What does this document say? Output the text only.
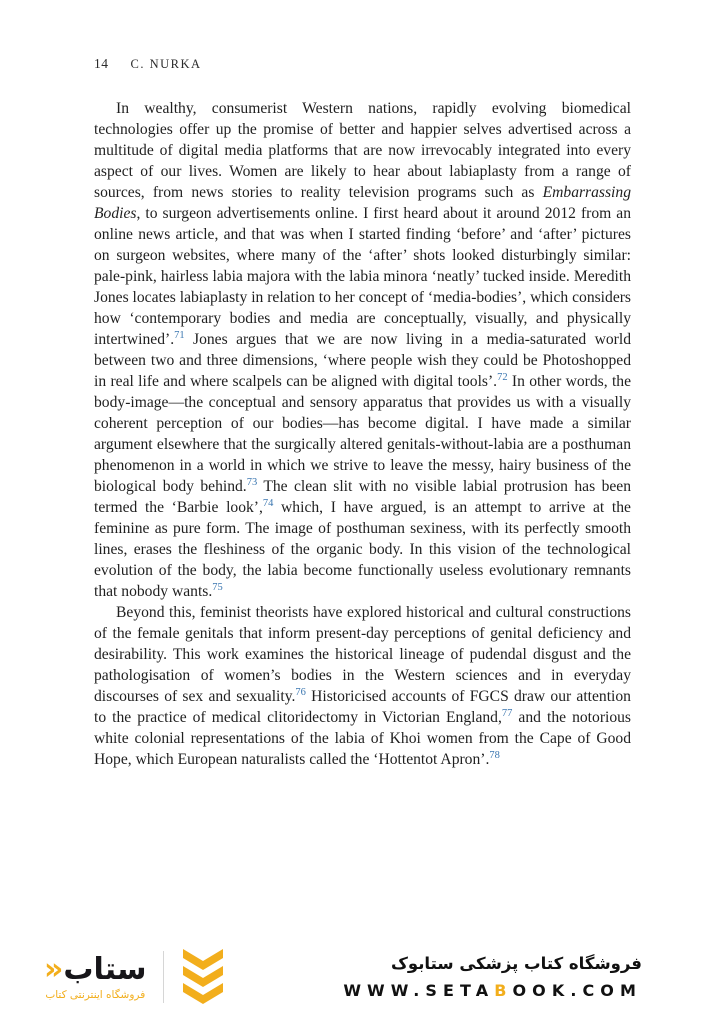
14 C. NURKA

In wealthy, consumerist Western nations, rapidly evolving biomedical technologies offer up the promise of better and happier selves advertised across a multitude of digital media platforms that are now irrevocably integrated into every aspect of our lives. Women are likely to hear about labiaplasty from a range of sources, from news stories to reality television programs such as Embarrassing Bodies, to surgeon advertisements online. I first heard about it around 2012 from an online news article, and that was when I started finding ‘before’ and ‘after’ pictures on surgeon websites, where many of the ‘after’ shots looked disturbingly similar: pale-pink, hairless labia majora with the labia minora ‘neatly’ tucked inside. Meredith Jones locates labiaplasty in relation to her concept of ‘media-bodies’, which considers how ‘contemporary bodies and media are conceptually, visually, and physically intertwined’.$^{71}$ Jones argues that we are now living in a media-saturated world between two and three dimensions, ‘where people wish they could be Photoshopped in real life and where scalpels can be aligned with digital tools’.$^{72}$ In other words, the body-image—the conceptual and sensory apparatus that provides us with a visually coherent perception of our bodies—has become digital. I have made a similar argument elsewhere that the surgically altered genitals-without-labia are a posthuman phenomenon in a world in which we strive to leave the messy, hairy business of the biological body behind.$^{73}$ The clean slit with no visible labial protrusion has been termed the ‘Barbie look’,$^{74}$ which, I have argued, is an attempt to arrive at the feminine as pure form. The image of posthuman sexiness, with its perfectly smooth lines, erases the fleshiness of the organic body. In this vision of the technological evolution of the body, the labia become functionally useless evolutionary remnants that nobody wants.$^{75}$

Beyond this, feminist theorists have explored historical and cultural constructions of the female genitals that inform present-day perceptions of genital deficiency and desirability. This work examines the historical lineage of pudendal disgust and the pathologisation of women’s bodies in the Western sciences and in everyday discourses of sex and sexuality.$^{76}$ Historicised accounts of FGCS draw our attention to the practice of medical clitoridectomy in Victorian England,$^{77}$ and the notorious white colonial representations of the labia of Khoi women from the Cape of Good Hope, which European naturalists called the ‘Hottentot Apron’.$^{78}$

ستاب«
فروشگاه اینترنتی کتاب
فروشگاه کتاب پزشکی ستابوک
WWW.SETABOOK.COM
